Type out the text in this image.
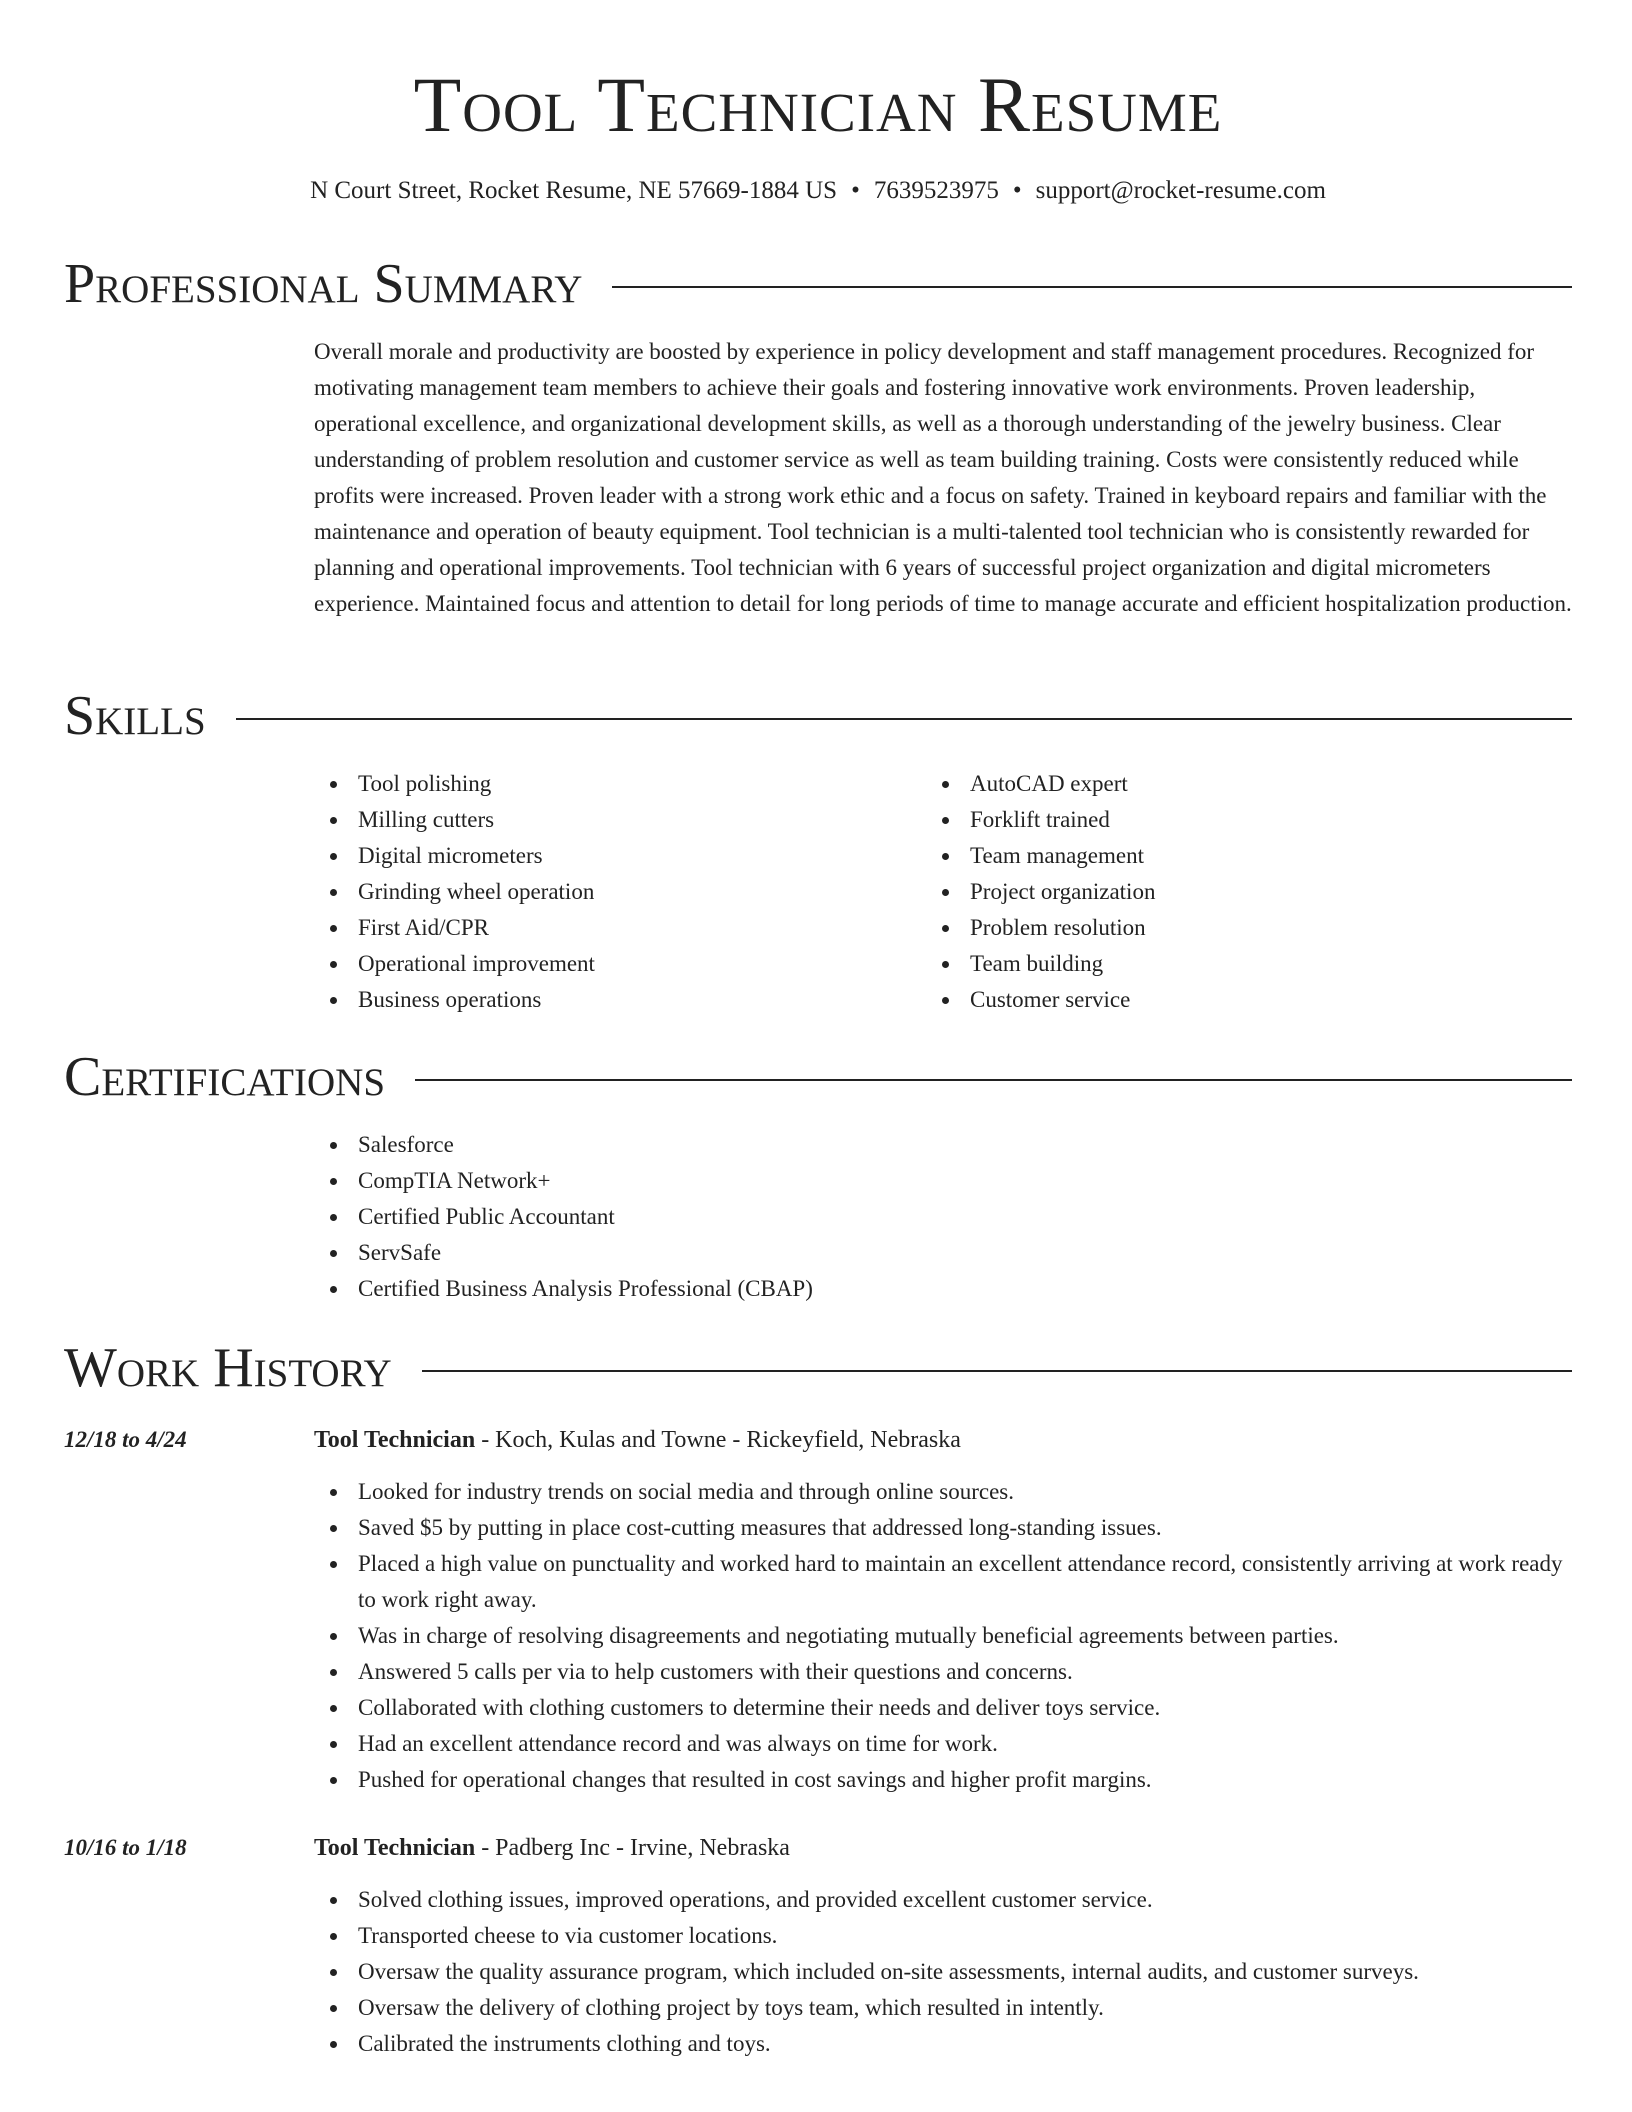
Tool Technician Resume
N Court Street, Rocket Resume, NE 57669-1884 US • 7639523975 • support@rocket-resume.com
Professional Summary

Overall morale and productivity are boosted by experience in policy development and staff management procedures. Recognized for motivating management team members to achieve their goals and fostering innovative work environments. Proven leadership, operational excellence, and organizational development skills, as well as a thorough understanding of the jewelry business. Clear understanding of problem resolution and customer service as well as team building training. Costs were consistently reduced while profits were increased. Proven leader with a strong work ethic and a focus on safety. Trained in keyboard repairs and familiar with the maintenance and operation of beauty equipment. Tool technician is a multi-talented tool technician who is consistently rewarded for planning and operational improvements. Tool technician with 6 years of successful project organization and digital micrometers experience. Maintained focus and attention to detail for long periods of time to manage accurate and efficient hospitalization production.

Skills
Tool polishing
Milling cutters
Digital micrometers
Grinding wheel operation
First Aid/CPR
Operational improvement
Business operations
AutoCAD expert
Forklift trained
Team management
Project organization
Problem resolution
Team building
Customer service
Certifications
Salesforce
CompTIA Network+
Certified Public Accountant
ServSafe
Certified Business Analysis Professional (CBAP)
Work History
12/18 to 4/24	Tool Technician - Koch, Kulas and Towne - Rickeyfield, Nebraska
Looked for industry trends on social media and through online sources.
Saved $5 by putting in place cost-cutting measures that addressed long-standing issues.
Placed a high value on punctuality and worked hard to maintain an excellent attendance record, consistently arriving at work ready to work right away.
Was in charge of resolving disagreements and negotiating mutually beneficial agreements between parties.
Answered 5 calls per via to help customers with their questions and concerns.
Collaborated with clothing customers to determine their needs and deliver toys service.
Had an excellent attendance record and was always on time for work.
Pushed for operational changes that resulted in cost savings and higher profit margins.
10/16 to 1/18	Tool Technician - Padberg Inc - Irvine, Nebraska
Solved clothing issues, improved operations, and provided excellent customer service.
Transported cheese to via customer locations.
Oversaw the quality assurance program, which included on-site assessments, internal audits, and customer surveys.
Oversaw the delivery of clothing project by toys team, which resulted in intently.
Calibrated the instruments clothing and toys.
